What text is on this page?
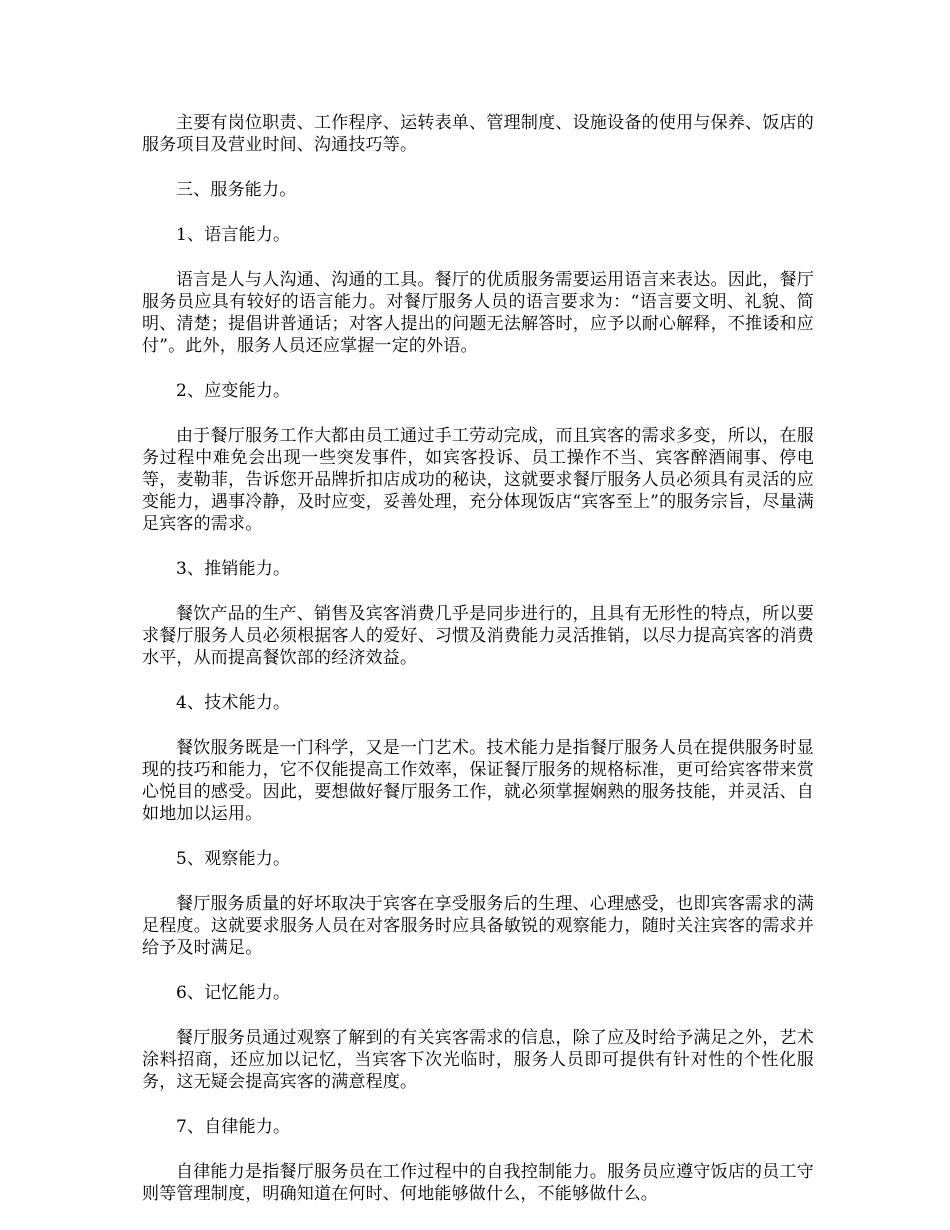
主要有岗位职责、工作程序、运转表单、管理制度、设施设备的使用与保养、饭店的服务项目及营业时间、沟通技巧等。

三、服务能力。

1、语言能力。

语言是人与人沟通、沟通的工具。餐厅的优质服务需要运用语言来表达。因此，餐厅服务员应具有较好的语言能力。对餐厅服务人员的语言要求为：“语言要文明、礼貌、简明、清楚；提倡讲普通话；对客人提出的问题无法解答时，应予以耐心解释，不推诿和应付”。此外，服务人员还应掌握一定的外语。

2、应变能力。

由于餐厅服务工作大都由员工通过手工劳动完成，而且宾客的需求多变，所以，在服务过程中难免会出现一些突发事件，如宾客投诉、员工操作不当、宾客醉酒闹事、停电等，麦勒菲，告诉您开品牌折扣店成功的秘诀，这就要求餐厅服务人员必须具有灵活的应变能力，遇事冷静，及时应变，妥善处理，充分体现饭店“宾客至上”的服务宗旨，尽量满足宾客的需求。

3、推销能力。

餐饮产品的生产、销售及宾客消费几乎是同步进行的，且具有无形性的特点，所以要求餐厅服务人员必须根据客人的爱好、习惯及消费能力灵活推销，以尽力提高宾客的消费水平，从而提高餐饮部的经济效益。

4、技术能力。

餐饮服务既是一门科学，又是一门艺术。技术能力是指餐厅服务人员在提供服务时显现的技巧和能力，它不仅能提高工作效率，保证餐厅服务的规格标准，更可给宾客带来赏心悦目的感受。因此，要想做好餐厅服务工作，就必须掌握娴熟的服务技能，并灵活、自如地加以运用。

5、观察能力。

餐厅服务质量的好坏取决于宾客在享受服务后的生理、心理感受，也即宾客需求的满足程度。这就要求服务人员在对客服务时应具备敏锐的观察能力，随时关注宾客的需求并给予及时满足。

6、记忆能力。

餐厅服务员通过观察了解到的有关宾客需求的信息，除了应及时给予满足之外，艺术涂料招商，还应加以记忆，当宾客下次光临时，服务人员即可提供有针对性的个性化服务，这无疑会提高宾客的满意程度。

7、自律能力。

自律能力是指餐厅服务员在工作过程中的自我控制能力。服务员应遵守饭店的员工守则等管理制度，明确知道在何时、何地能够做什么，不能够做什么。
